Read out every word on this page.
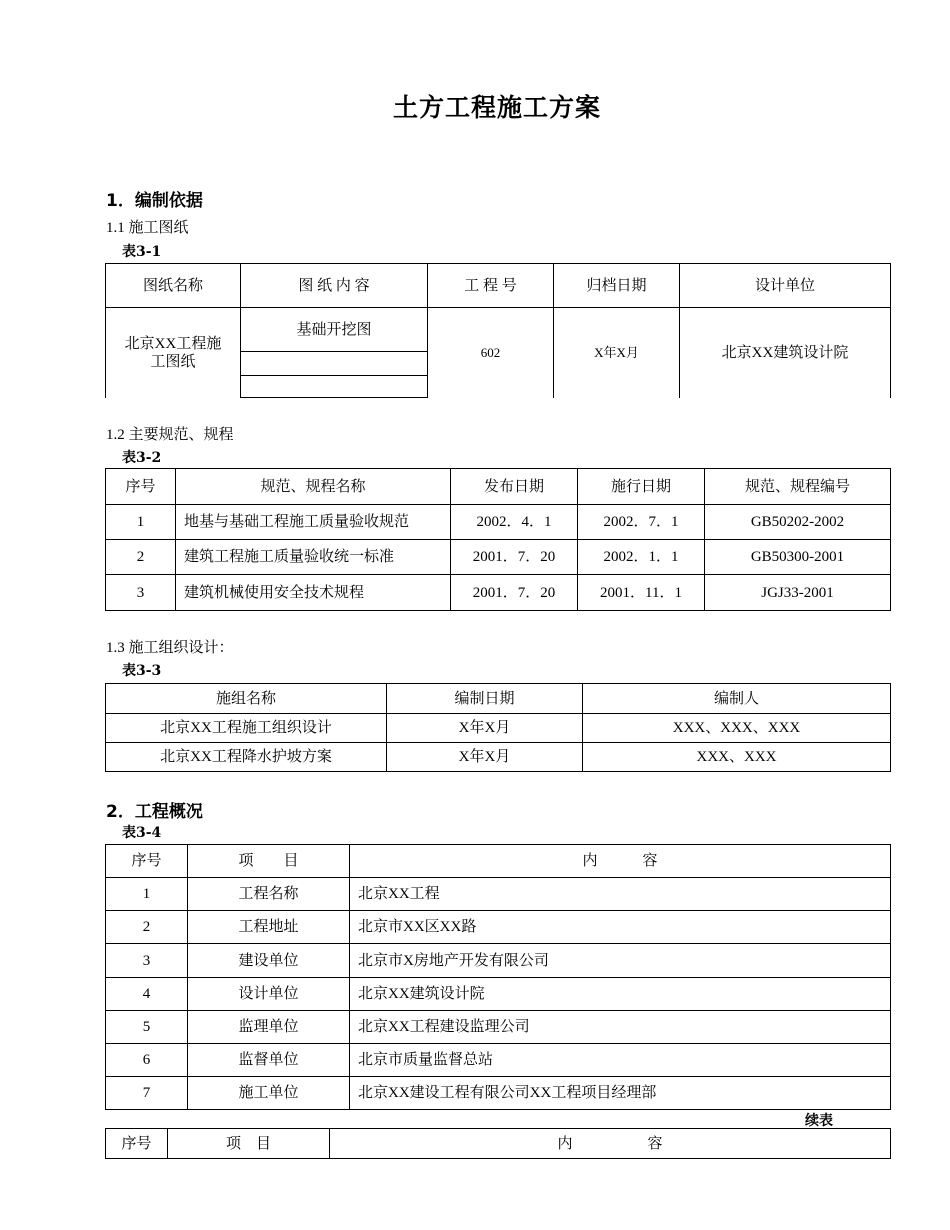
土方工程施工方案
1．编制依据
1.1 施工图纸
表3-1
图纸名称	图 纸 内 容	工 程 号	归档日期	设计单位
北京XX工程施工图纸	基础开挖图	602	X年X月	北京XX建筑设计院

1.2 主要规范、规程
表3-2
序号	规范、规程名称	发布日期	施行日期	规范、规程编号
1	地基与基础工程施工质量验收规范	2002．4．1	2002．7．1	GB50202-2002
2	建筑工程施工质量验收统一标准	2001．7．20	2002．1．1	GB50300-2001
3	建筑机械使用安全技术规程	2001．7．20	2001．11．1	JGJ33-2001
1.3 施工组织设计：
表3-3
施组名称	编制日期	编制人
北京XX工程施工组织设计	X年X月	XXX、XXX、XXX
北京XX工程降水护坡方案	X年X月	XXX、XXX
2．工程概况
表3-4
序号	项　　目	内　　　容
1	工程名称	北京XX工程
2	工程地址	北京市XX区XX路
3	建设单位	北京市X房地产开发有限公司
4	设计单位	北京XX建筑设计院
5	监理单位	北京XX工程建设监理公司
6	监督单位	北京市质量监督总站
7	施工单位	北京XX建设工程有限公司XX工程项目经理部
续表
序号	项　目	内　　　　　容
